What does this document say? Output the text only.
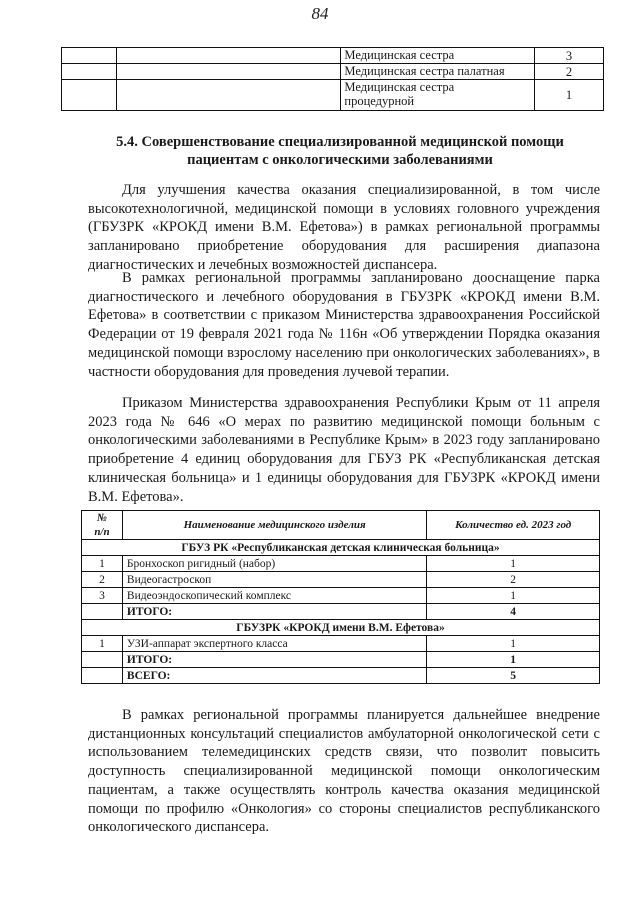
84
		Медицинская сестра	3
		Медицинская сестра палатная	2
		Медицинская сестра
процедурной	1
5.4. Совершенствование специализированной медицинской помощи
пациентам с онкологическими заболеваниями

Для улучшения качества оказания специализированной, в том числе высокотехнологичной, медицинской помощи в условиях головного учреждения (ГБУЗРК «КРОКД имени В.М. Ефетова») в рамках региональной программы запланировано приобретение оборудования для расширения диапазона диагностических и лечебных возможностей диспансера.

В рамках региональной программы запланировано дооснащение парка диагностического и лечебного оборудования в ГБУЗРК «КРОКД имени В.М. Ефетова» в соответствии с приказом Министерства здравоохранения Российской Федерации от 19 февраля 2021 года № 116н «Об утверждении Порядка оказания медицинской помощи взрослому населению при онкологических заболеваниях», в частности оборудования для проведения лучевой терапии.

Приказом Министерства здравоохранения Республики Крым от 11 апреля 2023 года № 646 «О мерах по развитию медицинской помощи больным с онкологическими заболеваниями в Республике Крым» в 2023 году запланировано приобретение 4 единиц оборудования для ГБУЗ РК «Республиканская детская клиническая больница» и 1 единицы оборудования для ГБУЗРК «КРОКД имени В.М. Ефетова».

№
п/п	Наименование медицинского изделия	Количество ед. 2023 год
ГБУЗ РК «Республиканская детская клиническая больница»		
1	Бронхоскоп ригидный (набор)	1
2	Видеогастроскоп	2
3	Видеоэндоскопический комплекс	1
	ИТОГО:	4
ГБУЗРК «КРОКД имени В.М. Ефетова»		
1	УЗИ-аппарат экспертного класса	1
	ИТОГО:	1
	ВСЕГО:	5

В рамках региональной программы планируется дальнейшее внедрение дистанционных консультаций специалистов амбулаторной онкологической сети с использованием телемедицинских средств связи, что позволит повысить доступность специализированной медицинской помощи онкологическим пациентам, а также осуществлять контроль качества оказания медицинской помощи по профилю «Онкология» со стороны специалистов республиканского онкологического диспансера.
